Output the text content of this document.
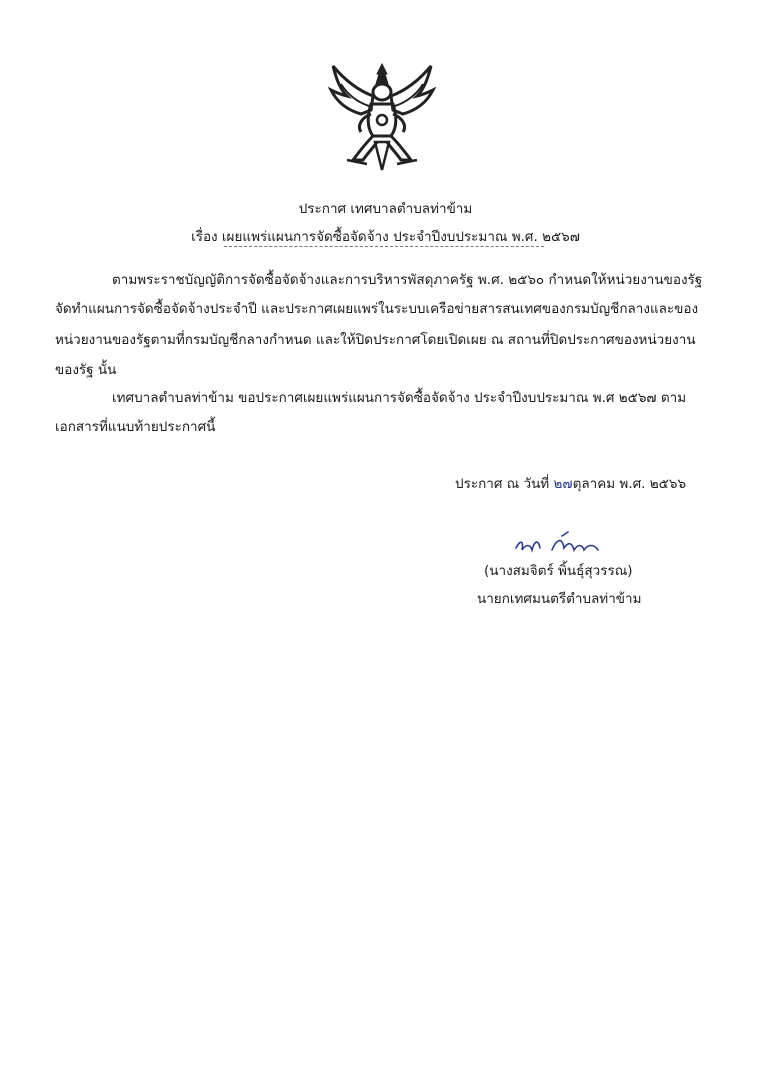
ประกาศ เทศบาลตำบลท่าข้าม
เรื่อง เผยแพร่แผนการจัดซื้อจัดจ้าง ประจำปีงบประมาณ พ.ศ. ๒๕๖๗
ตามพระราชบัญญัติการจัดซื้อจัดจ้างและการบริหารพัสดุภาครัฐ พ.ศ. ๒๕๖๐ กำหนดให้หน่วยงานของรัฐ
จัดทำแผนการจัดซื้อจัดจ้างประจำปี และประกาศเผยแพร่ในระบบเครือข่ายสารสนเทศของกรมบัญชีกลางและของ
หน่วยงานของรัฐตามที่กรมบัญชีกลางกำหนด และให้ปิดประกาศโดยเปิดเผย ณ สถานที่ปิดประกาศของหน่วยงาน
ของรัฐ นั้น
เทศบาลตำบลท่าข้าม ขอประกาศเผยแพร่แผนการจัดซื้อจัดจ้าง ประจำปีงบประมาณ พ.ศ ๒๕๖๗ ตาม
เอกสารที่แนบท้ายประกาศนี้
ประกาศ ณ วันที่ ๒๗ตุลาคม พ.ศ. ๒๕๖๖
(นางสมจิตร์ พิ้นธุ์สุวรรณ)
นายกเทศมนตรีตำบลท่าข้าม
